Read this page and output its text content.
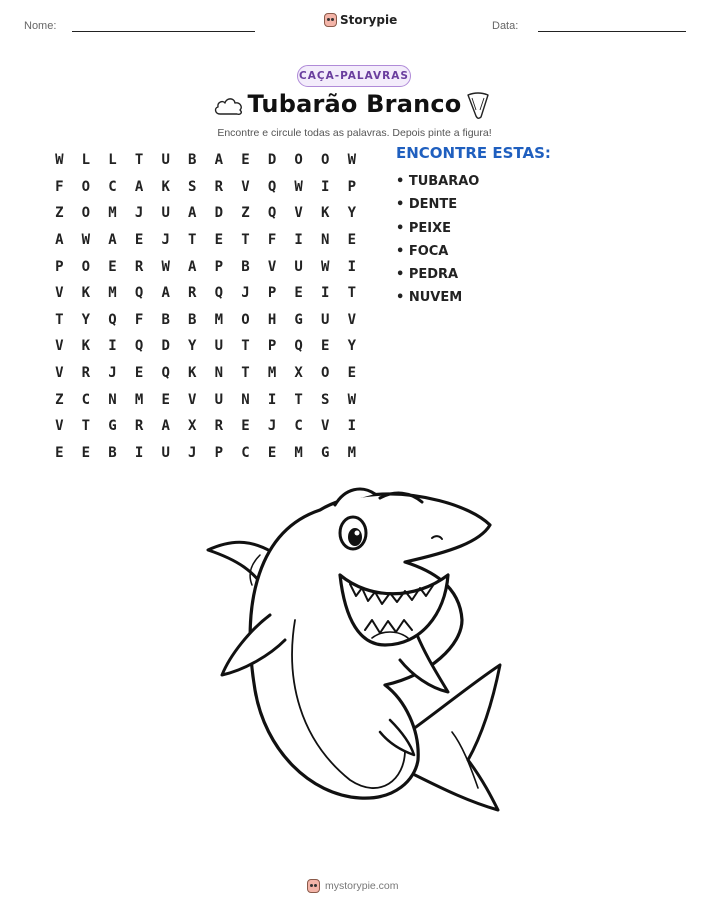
Nome:	Storypie	Data:
CAÇA-PALAVRAS
Tubarão Branco
Encontre e circule todas as palavras. Depois pinte a figura!
W	L	L	T	U	B	A	E	D	O	O	W
F	O	C	A	K	S	R	V	Q	W	I	P
Z	O	M	J	U	A	D	Z	Q	V	K	Y
A	W	A	E	J	T	E	T	F	I	N	E
P	O	E	R	W	A	P	B	V	U	W	I
V	K	M	Q	A	R	Q	J	P	E	I	T
T	Y	Q	F	B	B	M	O	H	G	U	V
V	K	I	Q	D	Y	U	T	P	Q	E	Y
V	R	J	E	Q	K	N	T	M	X	O	E
Z	C	N	M	E	V	U	N	I	T	S	W
V	T	G	R	A	X	R	E	J	C	V	I
E	E	B	I	U	J	P	C	E	M	G	M
ENCONTRE ESTAS:
• TUBARAO
• DENTE
• PEIXE
• FOCA
• PEDRA
• NUVEM
mystorypie.com
